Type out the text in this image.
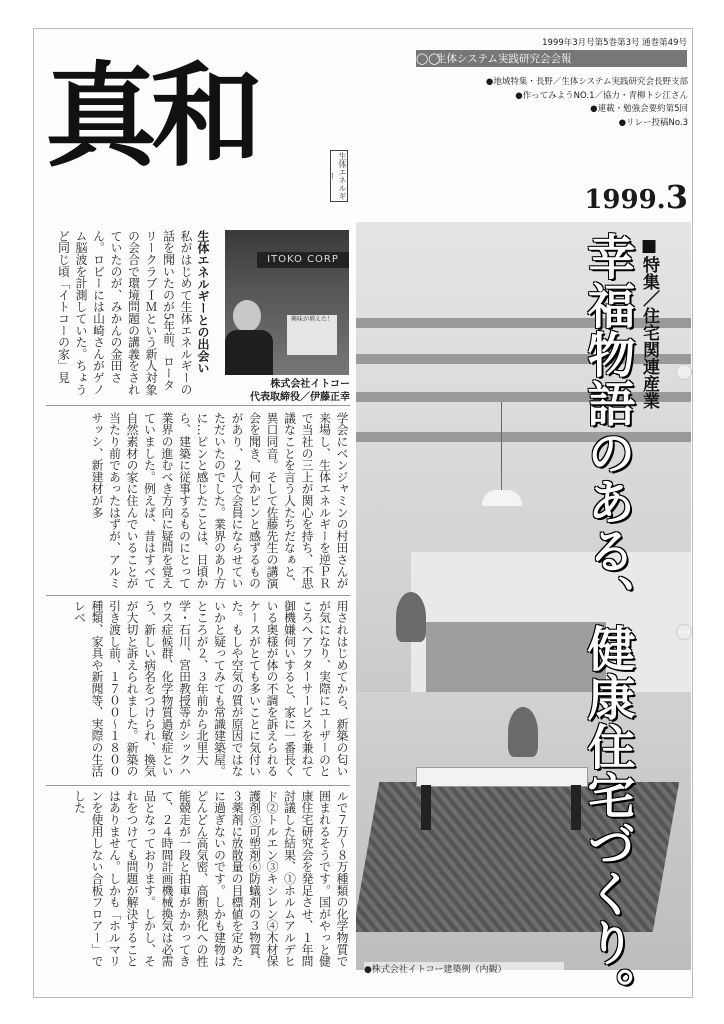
真和	生体エネルギー
1999年3月号第5巻第3号 通巻第49号
◯◯生体システム実践研究会会報
●地域特集・長野／生体システム実践研究会長野支部
●作ってみようNO.1／協力・青柳トシ江さん
●連載・勉強会要約第5回
●リレー投稿No.3
1999.3
幸福物語のある、健康住宅づくり。 ■特集／住宅関連産業
●株式会社イトコー建築例（内観）
ITOKO CORP
興味が増えた！
株式会社イトコー
代表取締役／伊藤正幸
生体エネルギーとの出会い
私がはじめて生体エネルギーの話を聞いたのが5年前、ロータリークラブＩＭという新人対象の会合で環境問題の講義をされていたのが、みかんの金田さん。ロビーには山崎さんがゲノム脳波を計測していた。ちょうど同じ頃「イトコーの家」見
学会にベンジャミンの村田さんが来場し、生体エネルギーを逆ＰＲで当社の三上が関心を持ち、不思議なことを言う人たちだなぁと、異口同音。そして佐藤先生の講演会を聞き、何かピンと感ずるものがあり、２人で会員にならせていただいたのでした。業界のあり方に…ピンと感じたことは、日頃から、建築に従事するものにとって業界の進むべき方向に疑問を覚えていました。例えば、昔はすべて自然素材の家に住んでいることが当たり前であったはずが、アルミサッシ、新建材が多
用されはじめてから、新築の匂いが気になり、実際にユーザーのところへアフターサービスを兼ねて御機嫌伺いすると、家に一番長くいる奥様が体の不調を訴えられるケースがとても多いことに気付いた。もしや空気の質が原因ではないかと疑ってみても常識建築屋。ところが２、３年前から北里大学・石川、宮田教授等がシックハウス症候群、化学物質過敏症という、新しい病名をつけられ、換気が大切と訴えられました。新築の引き渡し前、１７００〜１８００種類、家具や新聞等、実際の生活レベ
ルで７万〜８万種類の化学物質で囲まれるそうです。国がやっと健康住宅研究会を発足させ、１年間討議した結果、①ホルムアルデヒド②トルエン③キシレン④木材保護剤⑤可塑剤⑥防蟻剤の３物質、３薬剤に放散量の目標値を定めたに過ぎないのです。しかも建物はどんどん高気密、高断熱化への性能競走が一段と拍車がかかってきて、２４時間計画機械換気は必需品となっております。しかし、それをつけても問題が解決することはありません。しかも「ホルマリンを使用しない合板フロアー」でした
